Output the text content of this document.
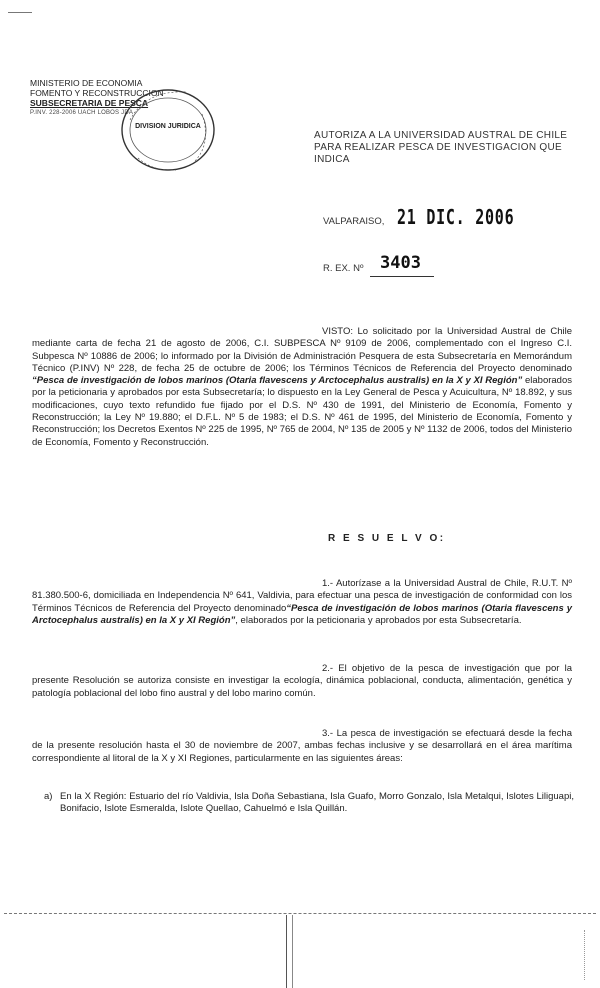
MINISTERIO DE ECONOMIA
FOMENTO Y RECONSTRUCCION
SUBSECRETARIA DE PESCA
P.INV. 228-2006 UACH LOBOS JDA
DIVISION JURIDICA
AUTORIZA A LA UNIVERSIDAD AUSTRAL DE CHILE PARA REALIZAR PESCA DE INVESTIGACION QUE INDICA
VALPARAISO, 21 DIC. 2006
R. EX. Nº 3403
VISTO: Lo solicitado por la Universidad Austral de Chile mediante carta de fecha 21 de agosto de 2006, C.I. SUBPESCA Nº 9109 de 2006, complementado con el Ingreso C.I. Subpesca Nº 10886 de 2006; lo informado por la División de Administración Pesquera de esta Subsecretaría en Memorándum Técnico (P.INV) Nº 228, de fecha 25 de octubre de 2006; los Términos Técnicos de Referencia del Proyecto denominado “Pesca de investigación de lobos marinos (Otaria flavescens y Arctocephalus australis) en la X y XI Región” elaborados por la peticionaria y aprobados por esta Subsecretaría; lo dispuesto en la Ley General de Pesca y Acuicultura, Nº 18.892, y sus modificaciones, cuyo texto refundido fue fijado por el D.S. Nº 430 de 1991, del Ministerio de Economía, Fomento y Reconstrucción; la Ley Nº 19.880; el D.F.L. Nº 5 de 1983; el D.S. Nº 461 de 1995, del Ministerio de Economía, Fomento y Reconstrucción; los Decretos Exentos Nº 225 de 1995, Nº 765 de 2004, Nº 135 de 2005 y Nº 1132 de 2006, todos del Ministerio de Economía, Fomento y Reconstrucción.
R E S U E L V O:
1.- Autorízase a la Universidad Austral de Chile, R.U.T. Nº 81.380.500-6, domiciliada en Independencia Nº 641, Valdivia, para efectuar una pesca de investigación de conformidad con los Términos Técnicos de Referencia del Proyecto denominado“Pesca de investigación de lobos marinos (Otaria flavescens y Arctocephalus australis) en la X y XI Región”, elaborados por la peticionaria y aprobados por esta Subsecretaría.
2.- El objetivo de la pesca de investigación que por la presente Resolución se autoriza consiste en investigar la ecología, dinámica poblacional, conducta, alimentación, genética y patología poblacional del lobo fino austral y del lobo marino común.
3.- La pesca de investigación se efectuará desde la fecha de la presente resolución hasta el 30 de noviembre de 2007, ambas fechas inclusive y se desarrollará en el área marítima correspondiente al litoral de la X y XI Regiones, particularmente en las siguientes áreas:
a) En la X Región: Estuario del río Valdivia, Isla Doña Sebastiana, Isla Guafo, Morro Gonzalo, Isla Metalqui, Islotes Liliguapi, Bonifacio, Islote Esmeralda, Islote Quellao, Cahuelmó e Isla Quillán.
